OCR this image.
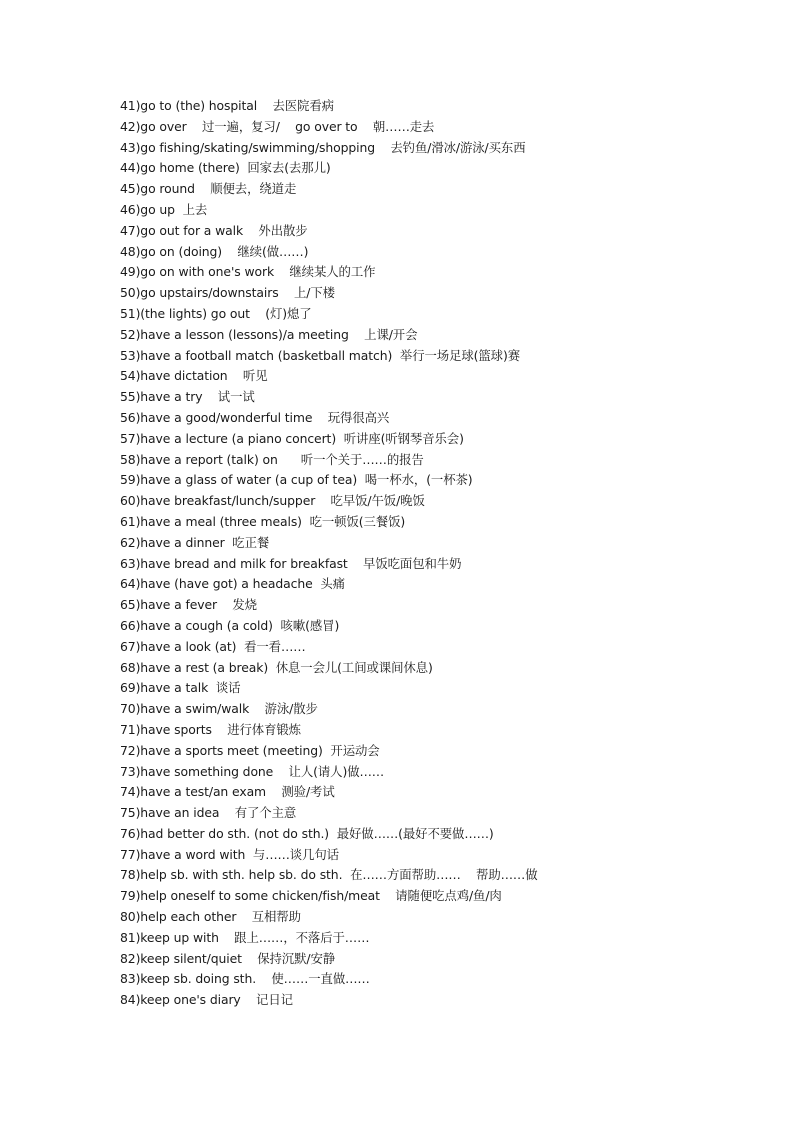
41)go to (the) hospital    去医院看病
42)go over    过一遍，复习/    go over to    朝……走去
43)go fishing/skating/swimming/shopping    去钓鱼/滑冰/游泳/买东西
44)go home (there)  回家去(去那儿)
45)go round    顺便去，绕道走
46)go up  上去
47)go out for a walk    外出散步
48)go on (doing)    继续(做……)
49)go on with one's work    继续某人的工作
50)go upstairs/downstairs    上/下楼
51)(the lights) go out    (灯)熄了
52)have a lesson (lessons)/a meeting    上课/开会
53)have a football match (basketball match)  举行一场足球(篮球)赛
54)have dictation    听见
55)have a try    试一试
56)have a good/wonderful time    玩得很高兴
57)have a lecture (a piano concert)  听讲座(听钢琴音乐会)
58)have a report (talk) on      听一个关于……的报告
59)have a glass of water (a cup of tea)  喝一杯水，(一杯茶)
60)have breakfast/lunch/supper    吃早饭/午饭/晚饭
61)have a meal (three meals)  吃一顿饭(三餐饭)
62)have a dinner  吃正餐
63)have bread and milk for breakfast    早饭吃面包和牛奶
64)have (have got) a headache  头痛
65)have a fever    发烧
66)have a cough (a cold)  咳嗽(感冒)
67)have a look (at)  看一看……
68)have a rest (a break)  休息一会儿(工间或课间休息)
69)have a talk  谈话
70)have a swim/walk    游泳/散步
71)have sports    进行体育锻炼
72)have a sports meet (meeting)  开运动会
73)have something done    让人(请人)做……
74)have a test/an exam    测验/考试
75)have an idea    有了个主意
76)had better do sth. (not do sth.)  最好做……(最好不要做……)
77)have a word with  与……谈几句话
78)help sb. with sth. help sb. do sth.  在……方面帮助……    帮助……做
79)help oneself to some chicken/fish/meat    请随便吃点鸡/鱼/肉
80)help each other    互相帮助
81)keep up with    跟上……，不落后于……
82)keep silent/quiet    保持沉默/安静
83)keep sb. doing sth.    使……一直做……
84)keep one's diary    记日记
